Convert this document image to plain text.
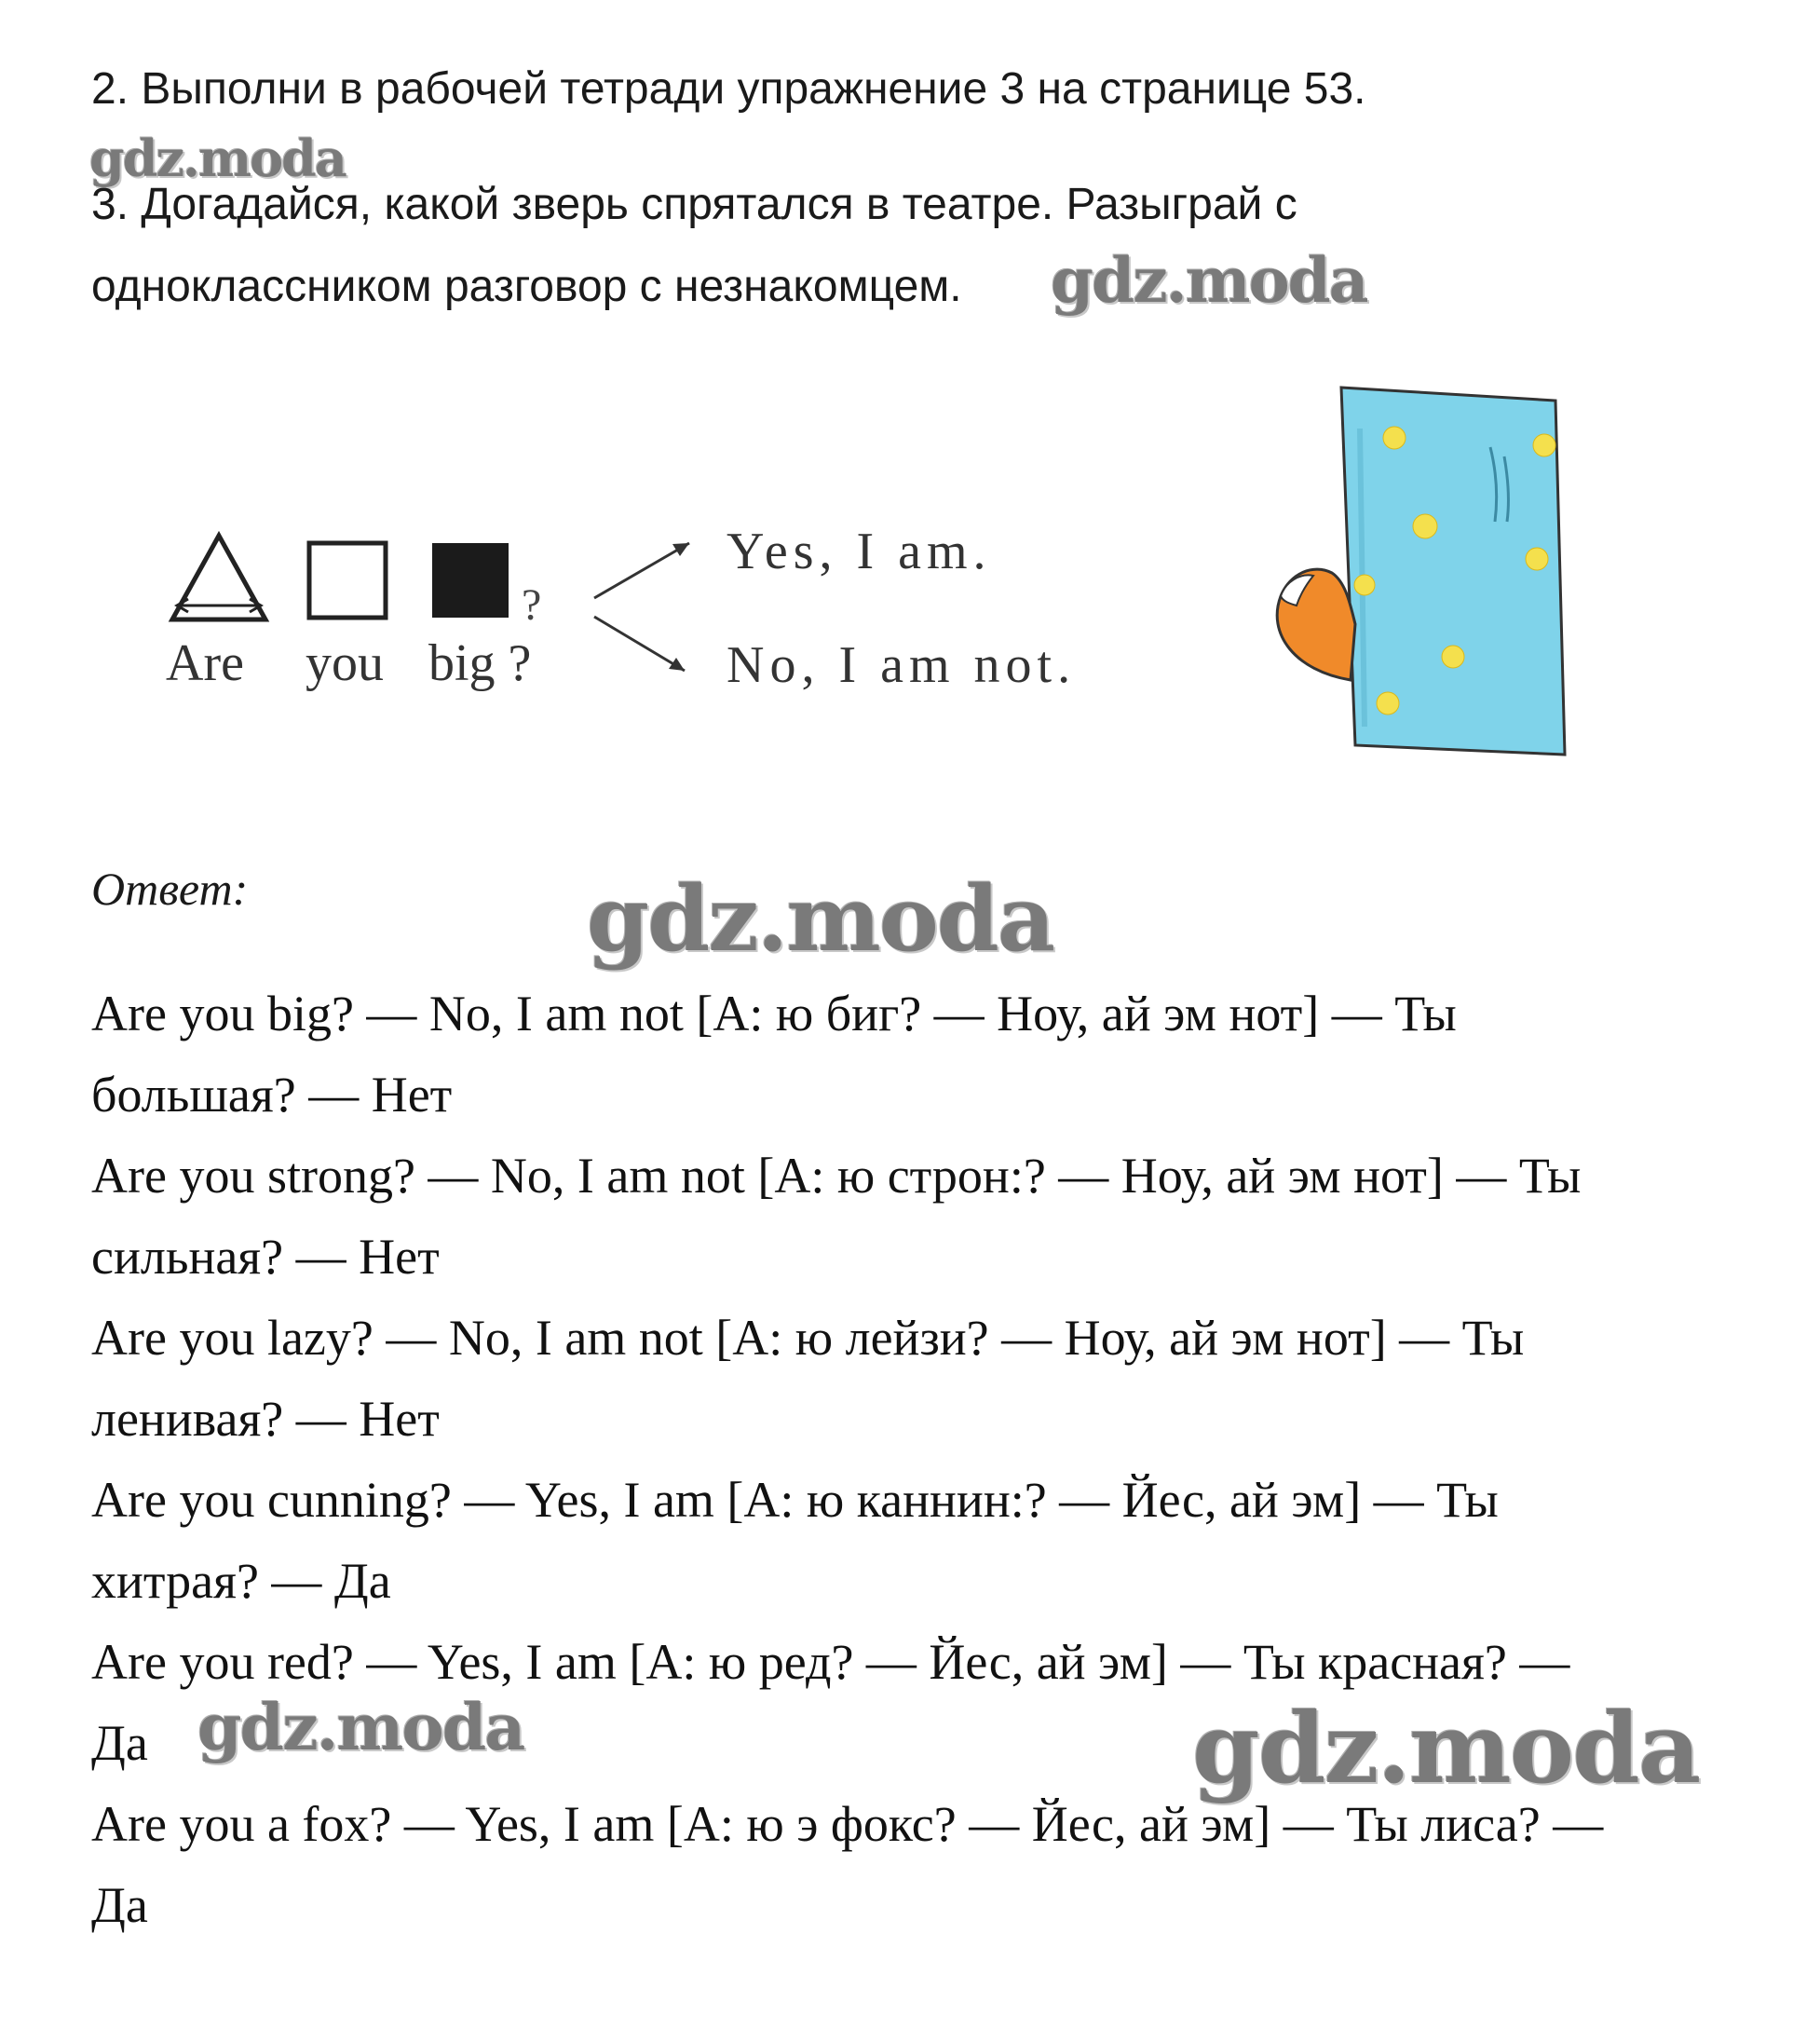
2. Выполни в рабочей тетради упражнение 3 на странице 53.

gdz.moda

3. Догадайся, какой зверь спрятался в театре. Разыграй с

одноклассником разговор с незнакомцем. gdz.moda
?
Are you big ?
Yes, I am.
No, I am not.

Ответ:	gdz.moda

Are you big? — No, I am not [A: ю биг? — Ноу, ай эм нот] — Ты

большая? — Нет

Are you strong? — No, I am not [A: ю строн:? — Ноу, ай эм нот] — Ты

сильная? — Нет

Are you lazy? — No, I am not [A: ю лейзи? — Ноу, ай эм нот] — Ты

ленивая? — Нет

Are you cunning? — Yes, I am [A: ю каннин:? — Йес, ай эм] — Ты

хитрая? — Да

Are you red? — Yes, I am [A: ю ред? — Йес, ай эм] — Ты красная? —

Да gdz.moda	gdz.moda

Are you a fox? — Yes, I am [A: ю э фокс? — Йес, ай эм] — Ты лиса? —

Да
